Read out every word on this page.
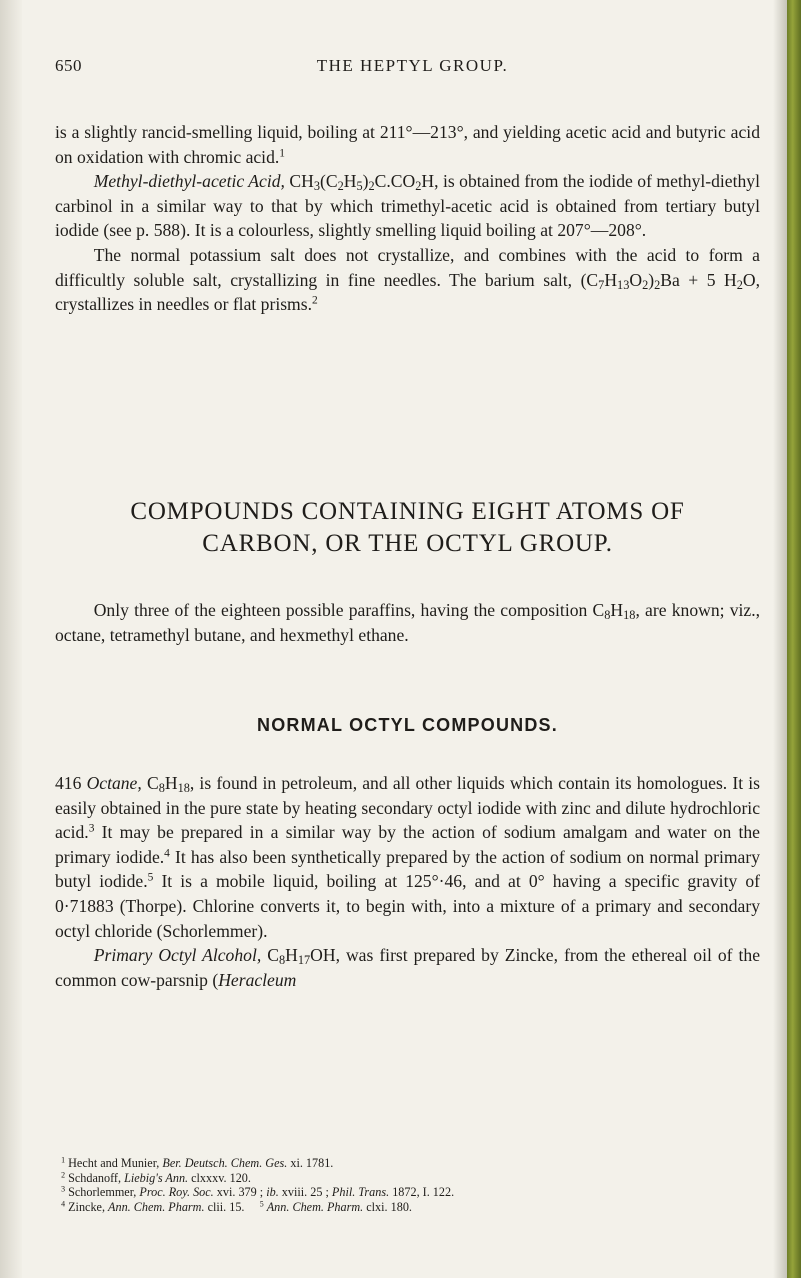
650	THE HEPTYL GROUP.

is a slightly rancid-smelling liquid, boiling at 211°—213°, and yielding acetic acid and butyric acid on oxidation with chromic acid.$^1$

Methyl-diethyl-acetic Acid, $CH_3(C_2H_5)_2C.CO_2H$, is obtained from the iodide of methyl-diethyl carbinol in a similar way to that by which trimethyl-acetic acid is obtained from tertiary butyl iodide (see p. 588). It is a colourless, slightly smelling liquid boiling at 207°—208°.

The normal potassium salt does not crystallize, and combines with the acid to form a difficultly soluble salt, crystallizing in fine needles. The barium salt, $(C_7H_{13}O_2)_2Ba + 5$ $H_2O$, crystallizes in needles or flat prisms.$^2$

COMPOUNDS CONTAINING EIGHT ATOMS OF
CARBON, OR THE OCTYL GROUP.

Only three of the eighteen possible paraffins, having the composition $C_8H_{18}$, are known; viz., octane, tetramethyl butane, and hexmethyl ethane.

NORMAL OCTYL COMPOUNDS.

416 Octane, $C_8H_{18}$, is found in petroleum, and all other liquids which contain its homologues. It is easily obtained in the pure state by heating secondary octyl iodide with zinc and dilute hydrochloric acid.$^3$ It may be prepared in a similar way by the action of sodium amalgam and water on the primary iodide.$^4$ It has also been synthetically prepared by the action of sodium on normal primary butyl iodide.$^5$ It is a mobile liquid, boiling at 125°·46, and at 0° having a specific gravity of 0·71883 (Thorpe). Chlorine converts it, to begin with, into a mixture of a primary and secondary octyl chloride (Schorlemmer).

Primary Octyl Alcohol, $C_8H_{17}OH$, was first prepared by Zincke, from the ethereal oil of the common cow-parsnip (Heracleum

$^1$ Hecht and Munier, Ber. Deutsch. Chem. Ges. xi. 1781.
$^2$ Schdanoff, Liebig's Ann. clxxxv. 120.
$^3$ Schorlemmer, Proc. Roy. Soc. xvi. 379 ; ib. xviii. 25 ; Phil. Trans. 1872, I. 122.
$^4$ Zincke, Ann. Chem. Pharm. clii. 15. $^5$ Ann. Chem. Pharm. clxi. 180.
